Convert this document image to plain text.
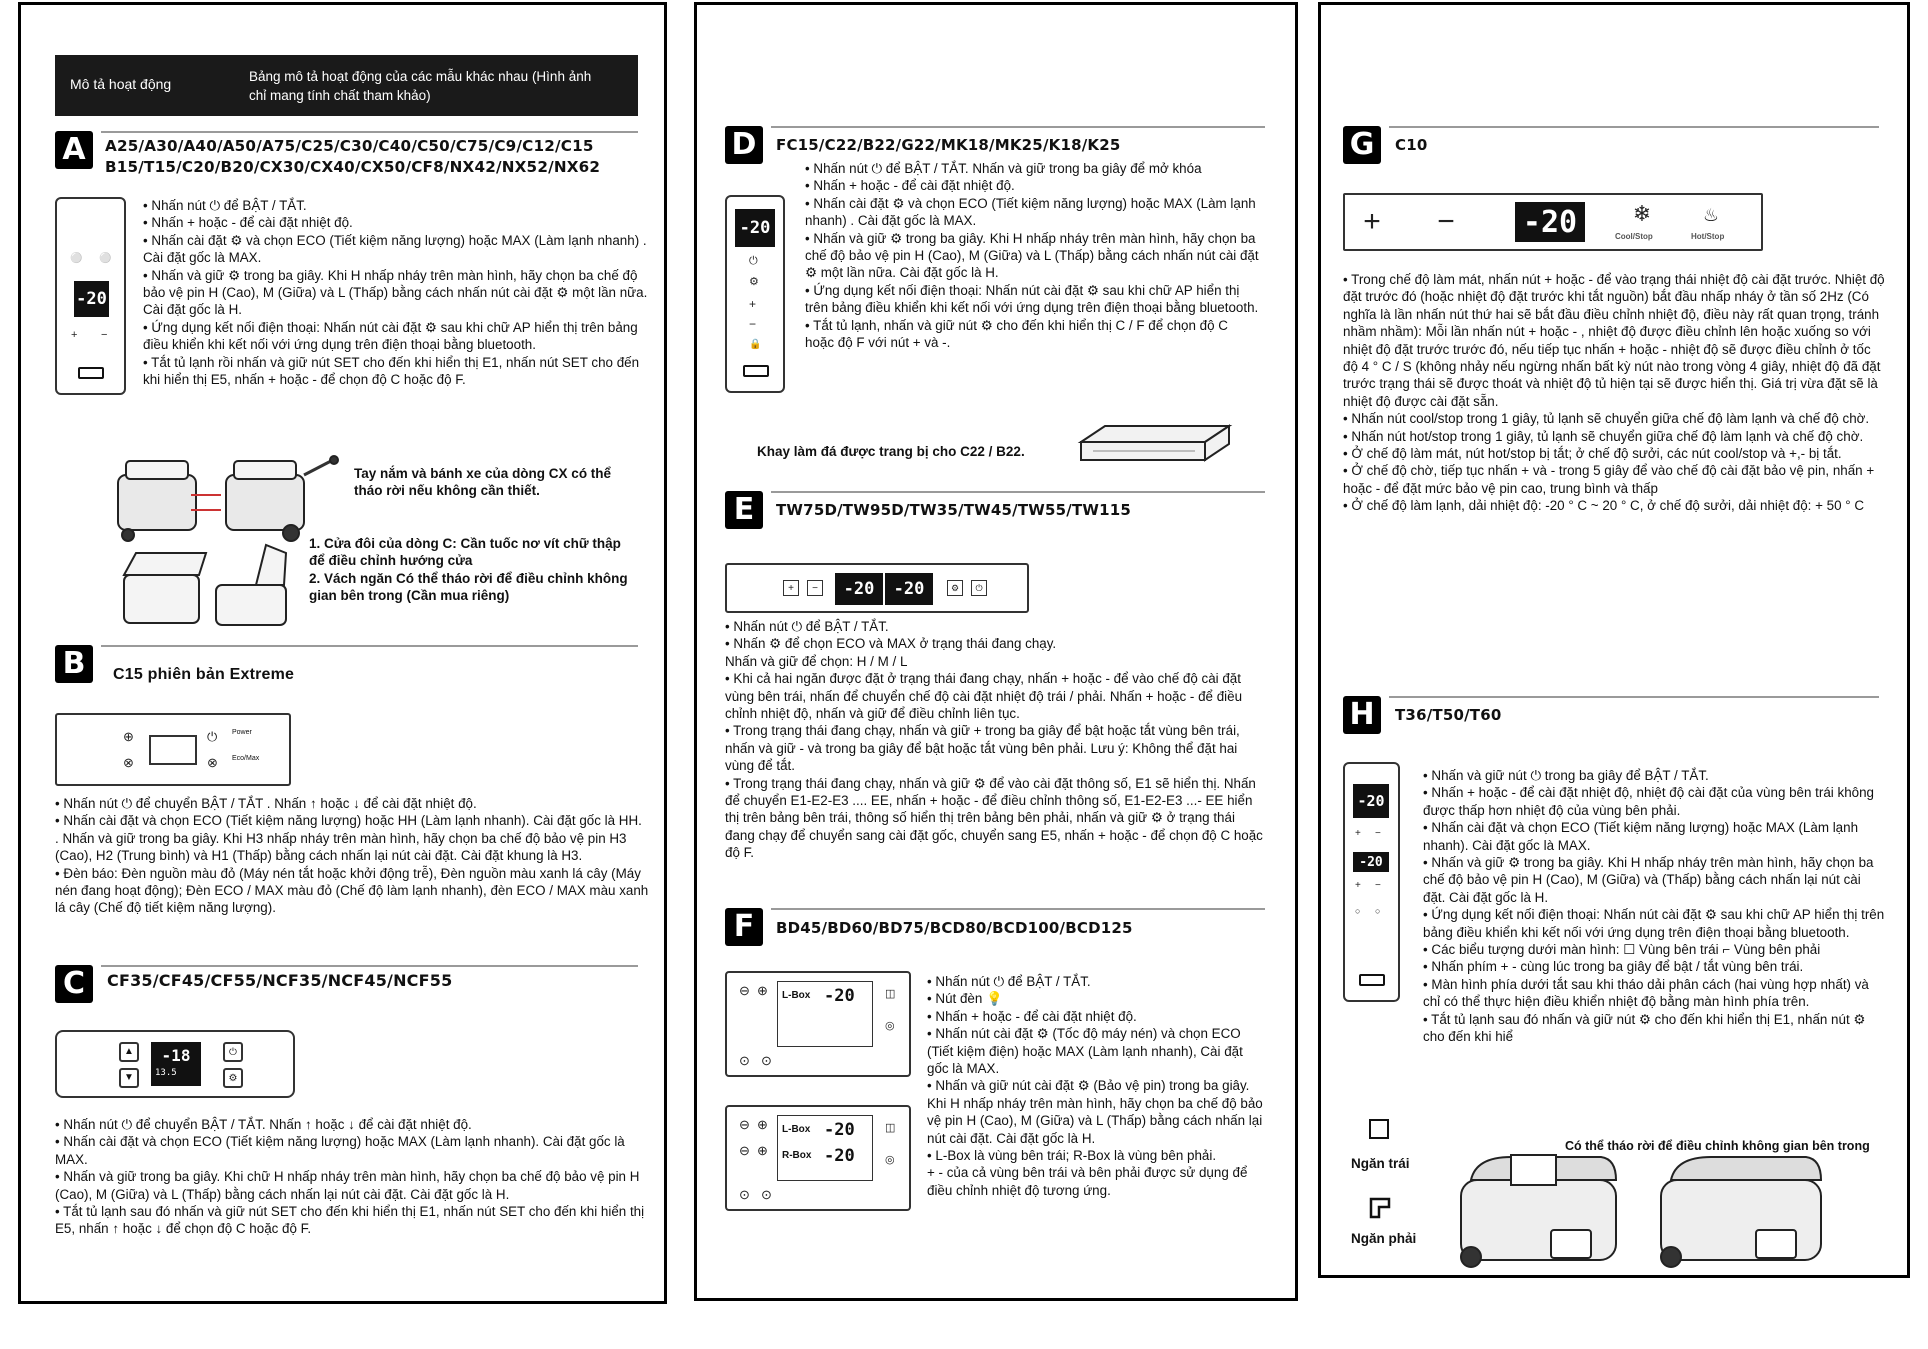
Mô tả hoạt động	Bảng mô tả hoạt động của các mẫu khác nhau (Hình ảnh chỉ mang tính chất tham khảo)
A	A25/A30/A40/A50/A75/C25/C30/C40/C50/C75/C9/C12/C15
B15/T15/C20/B20/CX30/CX40/CX50/CF8/NX42/NX52/NX62
⚪ ⚪
-20
+ −

• Nhấn nút ⏻ để BẬT / TẮT.

• Nhấn + hoặc - để cài đặt nhiệt độ.

• Nhấn cài đặt ⚙ và chọn ECO (Tiết kiệm năng lượng) hoặc MAX (Làm lạnh nhanh) . Cài đặt gốc là MAX.

• Nhấn và giữ ⚙ trong ba giây. Khi H nhấp nháy trên màn hình, hãy chọn ba chế độ bảo vệ pin H (Cao), M (Giữa) và L (Thấp) bằng cách nhấn nút cài đặt ⚙ một lần nữa. Cài đặt gốc là H.

• Ứng dụng kết nối điện thoại: Nhấn nút cài đặt ⚙ sau khi chữ AP hiển thị trên bảng điều khiển khi kết nối với ứng dụng trên điện thoại bằng bluetooth.

• Tắt tủ lạnh rồi nhấn và giữ nút SET cho đến khi hiển thị E1, nhấn nút SET cho đến khi hiển thị E5, nhấn + hoặc - để chọn độ C hoặc độ F.

Tay nắm và bánh xe của dòng CX có thể tháo rời nếu không cần thiết.
1. Cửa đôi của dòng C: Cần tuốc nơ vít chữ thập để điều chỉnh hướng cửa
2. Vách ngăn Có thể tháo rời để điều chỉnh không gian bên trong (Cần mua riêng)
B	C15 phiên bản Extreme
⊕
⊗
⏻
⊗
Power
Eco/Max

• Nhấn nút ⏻ để chuyển BẬT / TẮT . Nhấn ↑ hoặc ↓ để cài đặt nhiệt độ.

• Nhấn cài đặt và chọn ECO (Tiết kiệm năng lượng) hoặc HH (Làm lạnh nhanh). Cài đặt gốc là HH.

. Nhấn và giữ trong ba giây. Khi H3 nhấp nháy trên màn hình, hãy chọn ba chế độ bảo vệ pin H3 (Cao), H2 (Trung bình) và H1 (Thấp) bằng cách nhấn lại nút cài đặt. Cài đặt khung là H3.

• Đèn báo: Đèn nguồn màu đỏ (Máy nén tắt hoặc khởi động trễ), Đèn nguồn màu xanh lá cây (Máy nén đang hoạt động); Đèn ECO / MAX màu đỏ (Chế độ làm lạnh nhanh), đèn ECO / MAX màu xanh lá cây (Chế độ tiết kiệm năng lượng).

C	CF35/CF45/CF55/NCF35/NCF45/NCF55
▲
▼
-18
13.5
⏻
⚙

• Nhấn nút ⏻ để chuyển BẬT / TẮT. Nhấn ↑ hoặc ↓ để cài đặt nhiệt độ.

• Nhấn cài đặt và chọn ECO (Tiết kiệm năng lượng) hoặc MAX (Làm lạnh nhanh). Cài đặt gốc là MAX.

• Nhấn và giữ trong ba giây. Khi chữ H nhấp nháy trên màn hình, hãy chọn ba chế độ bảo vệ pin H (Cao), M (Giữa) và L (Thấp) bằng cách nhấn lại nút cài đặt. Cài đặt gốc là H.

• Tắt tủ lạnh sau đó nhấn và giữ nút SET cho đến khi hiển thị E1, nhấn nút SET cho đến khi hiển thị E5, nhấn ↑ hoặc ↓ để chọn độ C hoặc độ F.

D	FC15/C22/B22/G22/MK18/MK25/K18/K25
-20
⏻
⚙
+
−
🔒

• Nhấn nút ⏻ để BẬT / TẮT. Nhấn và giữ trong ba giây để mở khóa

• Nhấn + hoặc - để cài đặt nhiệt độ.

• Nhấn cài đặt ⚙ và chọn ECO (Tiết kiệm năng lượng) hoặc MAX (Làm lạnh nhanh) . Cài đặt gốc là MAX.

• Nhấn và giữ ⚙ trong ba giây. Khi H nhấp nháy trên màn hình, hãy chọn ba chế độ bảo vệ pin H (Cao), M (Giữa) và L (Thấp) bằng cách nhấn nút cài đặt ⚙ một lần nữa. Cài đặt gốc là H.

• Ứng dụng kết nối điện thoại: Nhấn nút cài đặt ⚙ sau khi chữ AP hiển thị trên bảng điều khiển khi kết nối với ứng dụng trên điện thoại bằng bluetooth.

• Tắt tủ lạnh, nhấn và giữ nút ⚙ cho đến khi hiển thị C / F để chọn độ C hoặc độ F với nút + và -.

Khay làm đá được trang bị cho C22 / B22.
E	TW75D/TW95D/TW35/TW45/TW55/TW115
+	−	-20	-20	⚙	⏻

• Nhấn nút ⏻ để BẬT / TẮT.

• Nhấn ⚙ để chọn ECO và MAX ở trạng thái đang chạy.

Nhấn và giữ để chọn: H / M / L

• Khi cả hai ngăn được đặt ở trạng thái đang chạy, nhấn + hoặc - để vào chế độ cài đặt vùng bên trái, nhấn để chuyển chế độ cài đặt nhiệt độ trái / phải. Nhấn + hoặc - để điều chỉnh nhiệt độ, nhấn và giữ để điều chỉnh liên tục.

• Trong trạng thái đang chạy, nhấn và giữ + trong ba giây để bật hoặc tắt vùng bên trái, nhấn và giữ - và trong ba giây để bật hoặc tắt vùng bên phải. Lưu ý: Không thể đặt hai vùng để tắt.

• Trong trạng thái đang chạy, nhấn và giữ ⚙ để vào cài đặt thông số, E1 sẽ hiển thị. Nhấn để chuyển E1-E2-E3 .... EE, nhấn + hoặc - để điều chỉnh thông số, E1-E2-E3 ...- EE hiển thị trên bảng bên trái, thông số hiển thị trên bảng bên phải, nhấn và giữ ⚙ ở trạng thái đang chạy để chuyển sang cài đặt gốc, chuyển sang E5, nhấn + hoặc - để chọn độ C hoặc độ F.

F	BD45/BD60/BD75/BCD80/BCD100/BCD125
L-Box -20
⊖ ⊕
⊙ ⊙
◫
◎
L-Box -20
R-Box -20
⊖ ⊕
⊖ ⊕
⊙ ⊙
◫
◎

• Nhấn nút ⏻ để BẬT / TẮT.

• Nút đèn 💡

• Nhấn + hoặc - để cài đặt nhiệt độ.

• Nhấn nút cài đặt ⚙ (Tốc độ máy nén) và chọn ECO (Tiết kiệm điện) hoặc MAX (Làm lạnh nhanh), Cài đặt gốc là MAX.

• Nhấn và giữ nút cài đặt ⚙ (Bảo vệ pin) trong ba giây. Khi H nhấp nháy trên màn hình, hãy chọn ba chế độ bảo vệ pin H (Cao), M (Giữa) và L (Thấp) bằng cách nhấn lại nút cài đặt. Cài đặt gốc là H.

• L-Box là vùng bên trái; R-Box là vùng bên phải.

+ - của cả vùng bên trái và bên phải được sử dụng để điều chỉnh nhiệt độ tương ứng.

G	C10
+ − -20	❄
Cool/Stop
♨
Hot/Stop

• Trong chế độ làm mát, nhấn nút + hoặc - để vào trạng thái nhiệt độ cài đặt trước. Nhiệt độ đặt trước đó (hoặc nhiệt độ đặt trước khi tắt nguồn) bắt đầu nhấp nháy ở tần số 2Hz (Có nghĩa là lần nhấn nút thứ hai sẽ bắt đầu điều chỉnh nhiệt độ, điều này rất quan trọng, tránh nhầm nhầm): Mỗi lần nhấn nút + hoặc - , nhiệt độ được điều chỉnh lên hoặc xuống so với nhiệt độ đặt trước trước đó, nếu tiếp tục nhấn + hoặc - nhiệt độ sẽ được điều chỉnh ở tốc độ 4 ° C / S (không nhảy nếu ngừng nhấn bất kỳ nút nào trong vòng 4 giây, nhiệt độ đã đặt trước trạng thái sẽ được thoát và nhiệt độ tủ hiện tại sẽ được hiển thị. Giá trị vừa đặt sẽ là nhiệt độ được cài đặt sẵn.

• Nhấn nút cool/stop trong 1 giây, tủ lạnh sẽ chuyển giữa chế độ làm lạnh và chế độ chờ.

• Nhấn nút hot/stop trong 1 giây, tủ lạnh sẽ chuyển giữa chế độ làm lạnh và chế độ chờ.

• Ở chế độ làm mát, nút hot/stop bị tắt; ở chế độ sưởi, các nút cool/stop và +,- bị tắt.

• Ở chế độ chờ, tiếp tục nhấn + và - trong 5 giây để vào chế độ cài đặt bảo vệ pin, nhấn + hoặc - để đặt mức bảo vệ pin cao, trung bình và thấp

• Ở chế độ làm lạnh, dải nhiệt độ: -20 ° C ~ 20 ° C, ở chế độ sưởi, dải nhiệt độ: + 50 ° C

H	T36/T50/T60
-20
+ −
-20
+ −
○ ○

• Nhấn và giữ nút ⏻ trong ba giây để BẬT / TẮT.

• Nhấn + hoặc - để cài đặt nhiệt độ, nhiệt độ cài đặt của vùng bên trái không được thấp hơn nhiệt độ của vùng bên phải.

• Nhấn cài đặt và chọn ECO (Tiết kiệm năng lượng) hoặc MAX (Làm lạnh nhanh). Cài đặt gốc là MAX.

• Nhấn và giữ ⚙ trong ba giây. Khi H nhấp nháy trên màn hình, hãy chọn ba chế độ bảo vệ pin H (Cao), M (Giữa) và (Thấp) bằng cách nhấn lại nút cài đặt. Cài đặt gốc là H.

• Ứng dụng kết nối điện thoại: Nhấn nút cài đặt ⚙ sau khi chữ AP hiển thị trên bảng điều khiển khi kết nối với ứng dụng trên điện thoại bằng bluetooth.

• Các biểu tượng dưới màn hình: ☐ Vùng bên trái ⌐ Vùng bên phải

• Nhấn phím + - cùng lúc trong ba giây để bật / tắt vùng bên trái.

• Màn hình phía dưới tắt sau khi tháo dải phân cách (hai vùng hợp nhất) và chỉ có thể thực hiện điều khiển nhiệt độ bằng màn hình phía trên.

• Tắt tủ lạnh sau đó nhấn và giữ nút ⚙ cho đến khi hiển thị E1, nhấn nút ⚙ cho đến khi hiể

Ngăn trái
Ngăn phải
Có thể tháo rời để điều chỉnh không gian bên trong
